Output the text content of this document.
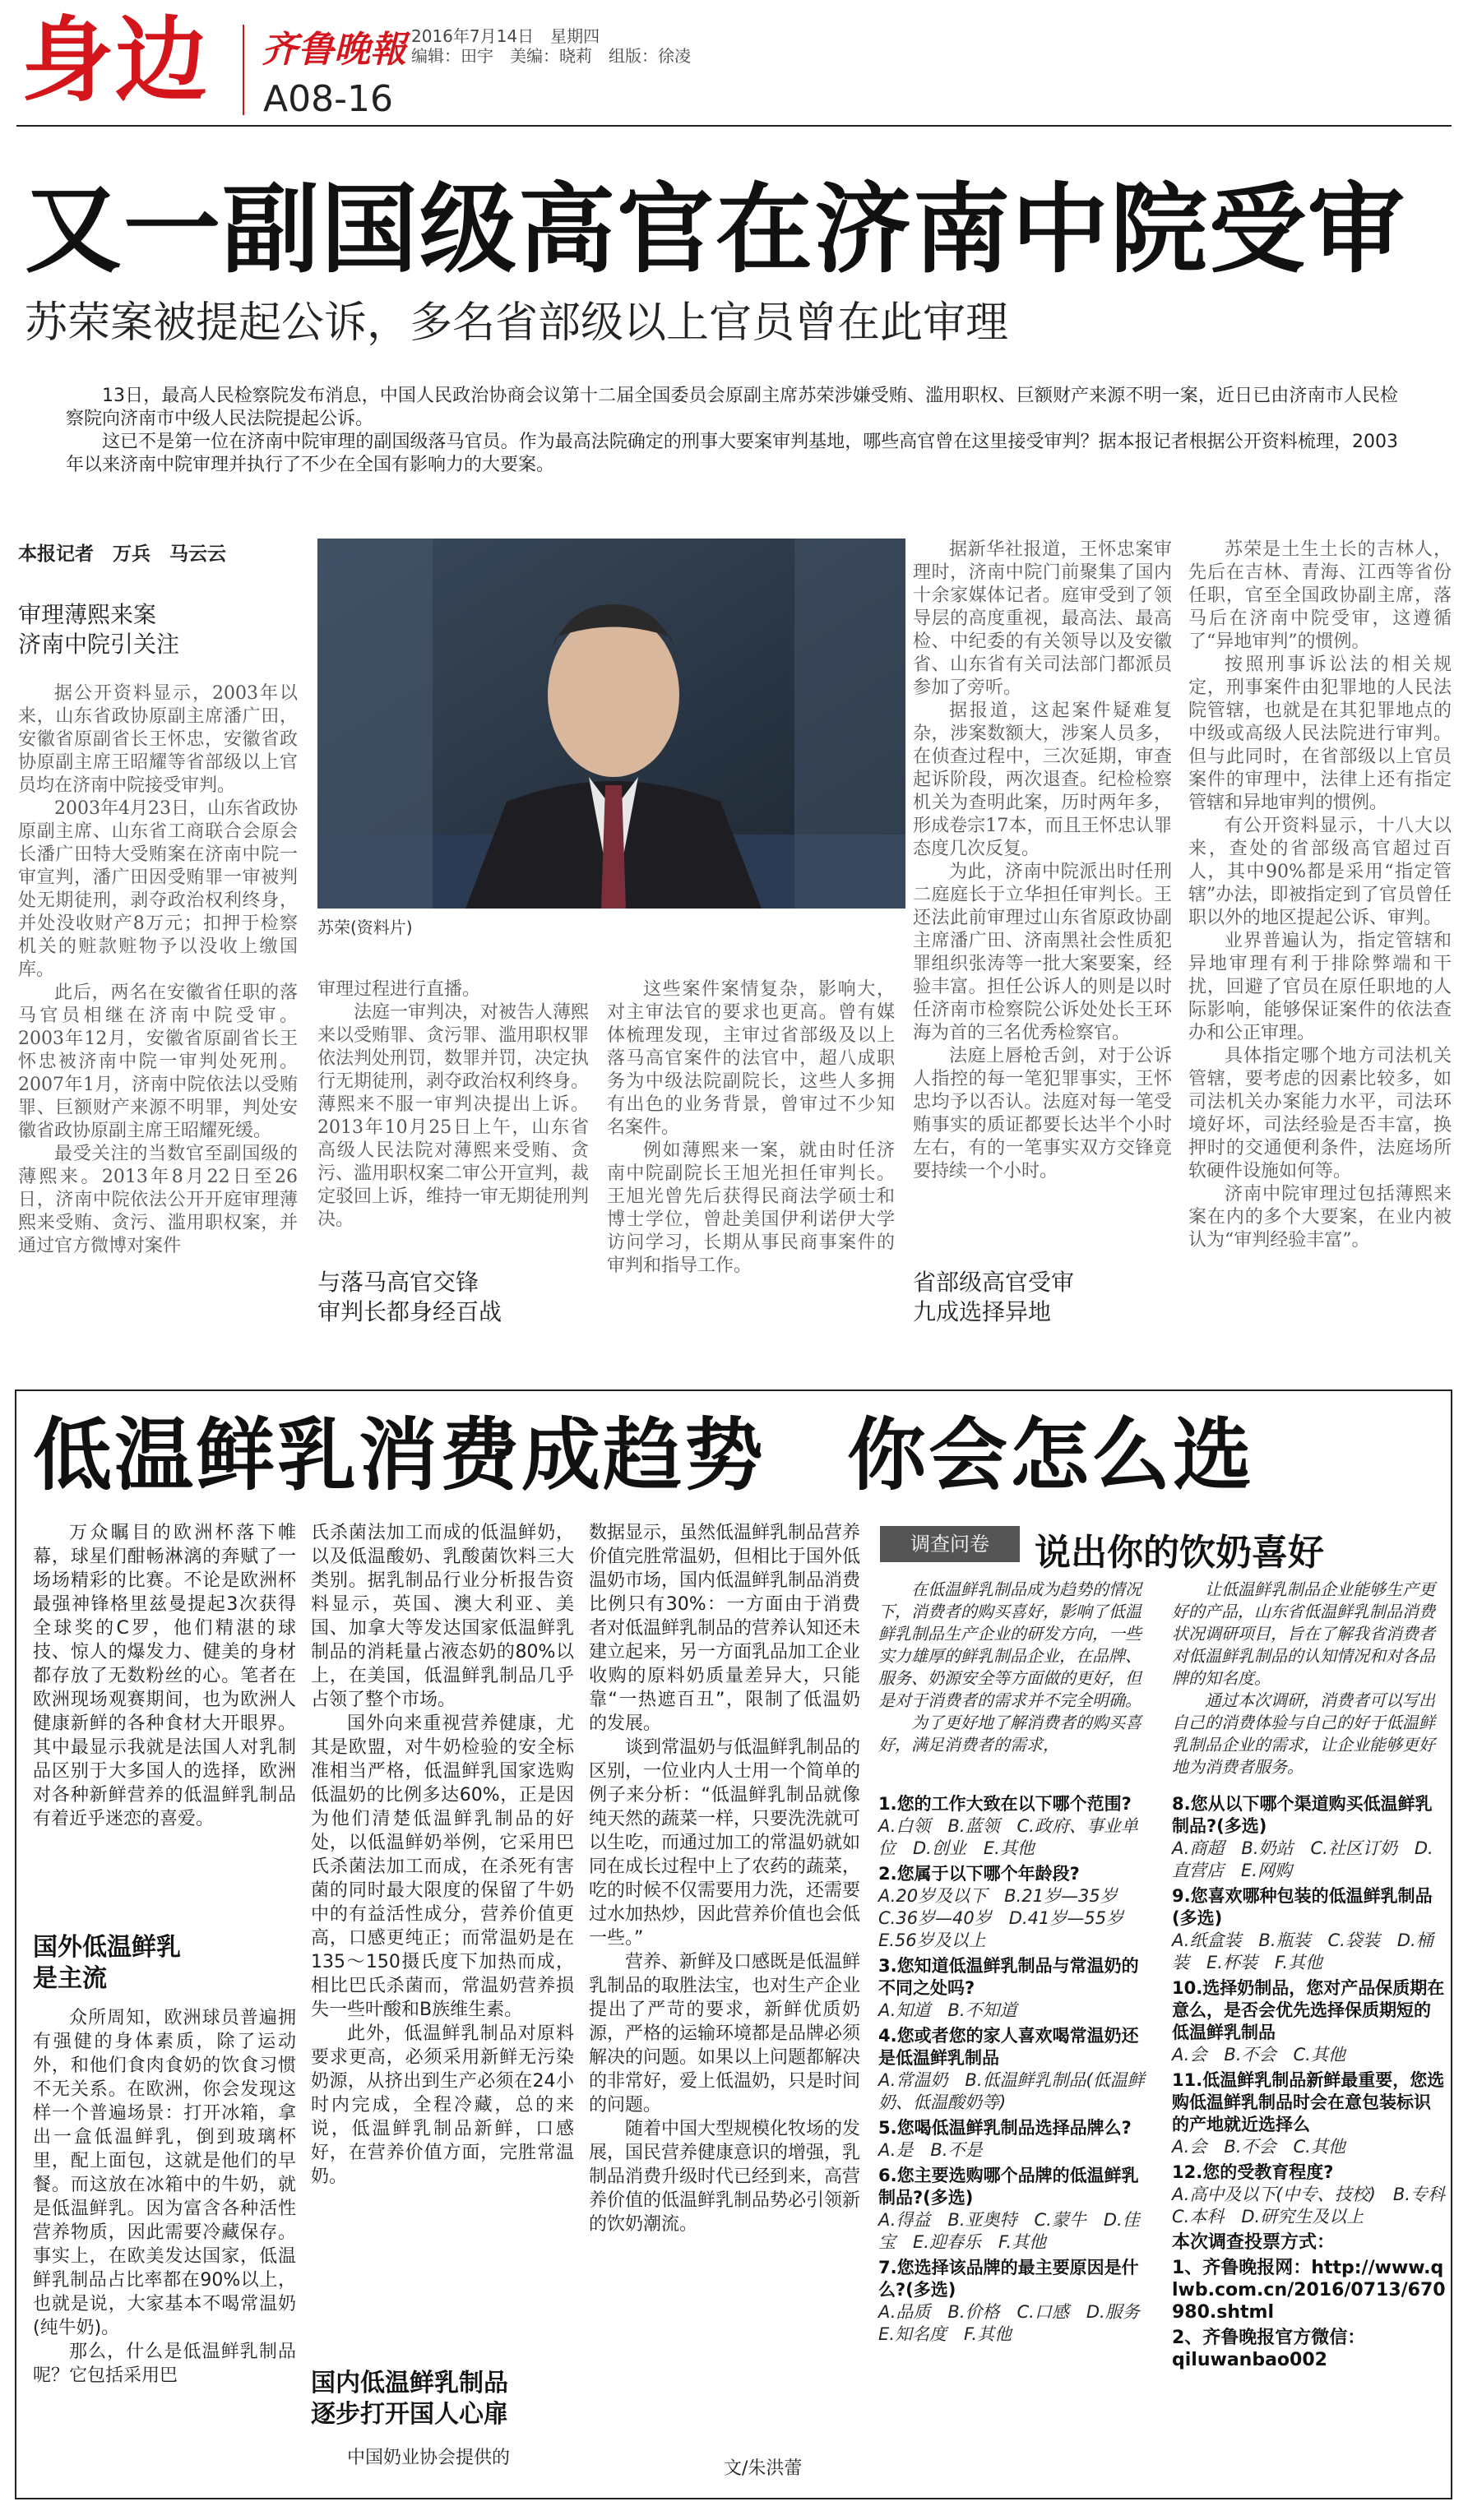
身边 齐鲁晚報 2016年7月14日　星期四
编辑：田宇　美编：晓莉　组版：徐凌
A08-16
又一副国级高官在济南中院受审
苏荣案被提起公诉，多名省部级以上官员曾在此审理

13日，最高人民检察院发布消息，中国人民政治协商会议第十二届全国委员会原副主席苏荣涉嫌受贿、滥用职权、巨额财产来源不明一案，近日已由济南市人民检察院向济南市中级人民法院提起公诉。

这已不是第一位在济南中院审理的副国级落马官员。作为最高法院确定的刑事大要案审判基地，哪些高官曾在这里接受审判？据本报记者根据公开资料梳理，2003年以来济南中院审理并执行了不少在全国有影响力的大要案。

本报记者　万兵　马云云
审理薄熙来案
济南中院引关注

据公开资料显示，2003年以来，山东省政协原副主席潘广田，安徽省原副省长王怀忠，安徽省政协原副主席王昭耀等省部级以上官员均在济南中院接受审判。

2003年4月23日，山东省政协原副主席、山东省工商联合会原会长潘广田特大受贿案在济南中院一审宣判，潘广田因受贿罪一审被判处无期徒刑，剥夺政治权利终身，并处没收财产8万元；扣押于检察机关的赃款赃物予以没收上缴国库。

此后，两名在安徽省任职的落马官员相继在济南中院受审。2003年12月，安徽省原副省长王怀忠被济南中院一审判处死刑。2007年1月，济南中院依法以受贿罪、巨额财产来源不明罪，判处安徽省政协原副主席王昭耀死缓。

最受关注的当数官至副国级的薄熙来。2013年8月22日至26日，济南中院依法公开开庭审理薄熙来受贿、贪污、滥用职权案，并通过官方微博对案件

苏荣(资料片)

审理过程进行直播。

法庭一审判决，对被告人薄熙来以受贿罪、贪污罪、滥用职权罪依法判处刑罚，数罪并罚，决定执行无期徒刑，剥夺政治权利终身。薄熙来不服一审判决提出上诉。2013年10月25日上午，山东省高级人民法院对薄熙来受贿、贪污、滥用职权案二审公开宣判，裁定驳回上诉，维持一审无期徒刑判决。

与落马高官交锋
审判长都身经百战

这些案件案情复杂，影响大，对主审法官的要求也更高。曾有媒体梳理发现，主审过省部级及以上落马高官案件的法官中，超八成职务为中级法院副院长，这些人多拥有出色的业务背景，曾审过不少知名案件。

例如薄熙来一案，就由时任济南中院副院长王旭光担任审判长。王旭光曾先后获得民商法学硕士和博士学位，曾赴美国伊利诺伊大学访问学习，长期从事民商事案件的审判和指导工作。

据新华社报道，王怀忠案审理时，济南中院门前聚集了国内十余家媒体记者。庭审受到了领导层的高度重视，最高法、最高检、中纪委的有关领导以及安徽省、山东省有关司法部门都派员参加了旁听。

据报道，这起案件疑难复杂，涉案数额大，涉案人员多，在侦查过程中，三次延期，审查起诉阶段，两次退查。纪检检察机关为查明此案，历时两年多，形成卷宗17本，而且王怀忠认罪态度几次反复。

为此，济南中院派出时任刑二庭庭长于立华担任审判长。王还法此前审理过山东省原政协副主席潘广田、济南黑社会性质犯罪组织张涛等一批大案要案，经验丰富。担任公诉人的则是以时任济南市检察院公诉处处长王环海为首的三名优秀检察官。

法庭上唇枪舌剑，对于公诉人指控的每一笔犯罪事实，王怀忠均予以否认。法庭对每一笔受贿事实的质证都要长达半个小时左右，有的一笔事实双方交锋竟要持续一个小时。

省部级高官受审
九成选择异地

苏荣是土生土长的吉林人，先后在吉林、青海、江西等省份任职，官至全国政协副主席，落马后在济南中院受审，这遵循了“异地审判”的惯例。

按照刑事诉讼法的相关规定，刑事案件由犯罪地的人民法院管辖，也就是在其犯罪地点的中级或高级人民法院进行审判。但与此同时，在省部级以上官员案件的审理中，法律上还有指定管辖和异地审判的惯例。

有公开资料显示，十八大以来，查处的省部级高官超过百人，其中90%都是采用“指定管辖”办法，即被指定到了官员曾任职以外的地区提起公诉、审判。

业界普遍认为，指定管辖和异地审理有利于排除弊端和干扰，回避了官员在原任职地的人际影响，能够保证案件的依法查办和公正审理。

具体指定哪个地方司法机关管辖，要考虑的因素比较多，如司法机关办案能力水平，司法环境好坏，司法经验是否丰富，换押时的交通便利条件，法庭场所软硬件设施如何等。

济南中院审理过包括薄熙来案在内的多个大要案，在业内被认为“审判经验丰富”。

低温鲜乳消费成趋势　你会怎么选

万众瞩目的欧洲杯落下帷幕，球星们酣畅淋漓的奔赋了一场场精彩的比赛。不论是欧洲杯最强神锋格里兹曼提起3次获得全球奖的C罗，他们精湛的球技、惊人的爆发力、健美的身材都存放了无数粉丝的心。笔者在欧洲现场观赛期间，也为欧洲人健康新鲜的各种食材大开眼界。其中最显示我就是法国人对乳制品区别于大多国人的选择，欧洲对各种新鲜营养的低温鲜乳制品有着近乎迷恋的喜爱。

国外低温鲜乳
是主流

众所周知，欧洲球员普遍拥有强健的身体素质，除了运动外，和他们食肉食奶的饮食习惯不无关系。在欧洲，你会发现这样一个普遍场景：打开冰箱，拿出一盒低温鲜乳，倒到玻璃杯里，配上面包，这就是他们的早餐。而这放在冰箱中的牛奶，就是低温鲜乳。因为富含各种活性营养物质，因此需要冷藏保存。事实上，在欧美发达国家，低温鲜乳制品占比率都在90%以上，也就是说，大家基本不喝常温奶(纯牛奶)。

那么，什么是低温鲜乳制品呢？它包括采用巴

氏杀菌法加工而成的低温鲜奶，以及低温酸奶、乳酸菌饮料三大类别。据乳制品行业分析报告资料显示，英国、澳大利亚、美国、加拿大等发达国家低温鲜乳制品的消耗量占液态奶的80%以上，在美国，低温鲜乳制品几乎占领了整个市场。

国外向来重视营养健康，尤其是欧盟，对牛奶检验的安全标准相当严格，低温鲜乳国家选购低温奶的比例多达60%，正是因为他们清楚低温鲜乳制品的好处，以低温鲜奶举例，它采用巴氏杀菌法加工而成，在杀死有害菌的同时最大限度的保留了牛奶中的有益活性成分，营养价值更高，口感更纯正；而常温奶是在135～150摄氏度下加热而成，相比巴氏杀菌而，常温奶营养损失一些叶酸和B族维生素。

此外，低温鲜乳制品对原料要求更高，必须采用新鲜无污染奶源，从挤出到生产必须在24小时内完成，全程冷藏，总的来说，低温鲜乳制品新鲜，口感好，在营养价值方面，完胜常温奶。

国内低温鲜乳制品
逐步打开国人心扉

中国奶业协会提供的

数据显示，虽然低温鲜乳制品营养价值完胜常温奶，但相比于国外低温奶市场，国内低温鲜乳制品消费比例只有30%：一方面由于消费者对低温鲜乳制品的营养认知还未建立起来，另一方面乳品加工企业收购的原料奶质量差异大，只能靠“一热遮百丑”，限制了低温奶的发展。

谈到常温奶与低温鲜乳制品的区别，一位业内人士用一个简单的例子来分析：“低温鲜乳制品就像纯天然的蔬菜一样，只要洗洗就可以生吃，而通过加工的常温奶就如同在成长过程中上了农药的蔬菜，吃的时候不仅需要用力洗，还需要过水加热炒，因此营养价值也会低一些。”

营养、新鲜及口感既是低温鲜乳制品的取胜法宝，也对生产企业提出了严苛的要求，新鲜优质奶源，严格的运输环境都是品牌必须解决的问题。如果以上问题都解决的非常好，爱上低温奶，只是时间的问题。

随着中国大型规模化牧场的发展，国民营养健康意识的增强，乳制品消费升级时代已经到来，高营养价值的低温鲜乳制品势必引领新的饮奶潮流。

文/朱洪蕾
调查问卷	说出你的饮奶喜好

在低温鲜乳制品成为趋势的情况下，消费者的购买喜好，影响了低温鲜乳制品生产企业的研发方向，一些实力雄厚的鲜乳制品企业，在品牌、服务、奶源安全等方面做的更好，但是对于消费者的需求并不完全明确。

为了更好地了解消费者的购买喜好，满足消费者的需求，

让低温鲜乳制品企业能够生产更好的产品，山东省低温鲜乳制品消费状况调研项目，旨在了解我省消费者对低温鲜乳制品的认知情况和对各品牌的知名度。

通过本次调研，消费者可以写出自己的消费体验与自己的好于低温鲜乳制品企业的需求，让企业能够更好地为消费者服务。

1.您的工作大致在以下哪个范围?
A.白领　B.蓝领　C.政府、事业单位　D.创业　E.其他
2.您属于以下哪个年龄段?
A.20岁及以下　B.21岁—35岁　C.36岁—40岁　D.41岁—55岁　E.56岁及以上
3.您知道低温鲜乳制品与常温奶的不同之处吗?
A.知道　B.不知道
4.您或者您的家人喜欢喝常温奶还是低温鲜乳制品
A.常温奶　B.低温鲜乳制品(低温鲜奶、低温酸奶等)
5.您喝低温鲜乳制品选择品牌么?
A.是　B.不是
6.您主要选购哪个品牌的低温鲜乳制品?(多选)
A.得益　B.亚奥特　C.蒙牛　D.佳宝　E.迎春乐　F.其他
7.您选择该品牌的最主要原因是什么?(多选)
A.品质　B.价格　C.口感　D.服务　E.知名度　F.其他
8.您从以下哪个渠道购买低温鲜乳制品?(多选)
A.商超　B.奶站　C.社区订奶　D.直营店　E.网购
9.您喜欢哪种包装的低温鲜乳制品(多选)
A.纸盒装　B.瓶装　C.袋装　D.桶装　E.杯装　F.其他
10.选择奶制品，您对产品保质期在意么，是否会优先选择保质期短的低温鲜乳制品
A.会　B.不会　C.其他
11.低温鲜乳制品新鲜最重要，您选购低温鲜乳制品时会在意包装标识的产地就近选择么
A.会　B.不会　C.其他
12.您的受教育程度?
A.高中及以下(中专、技校)　B.专科　C.本科　D.研究生及以上
本次调查投票方式：
1、齐鲁晚报网：http://www.qlwb.com.cn/2016/0713/670980.shtml
2、齐鲁晚报官方微信：qiluwanbao002
